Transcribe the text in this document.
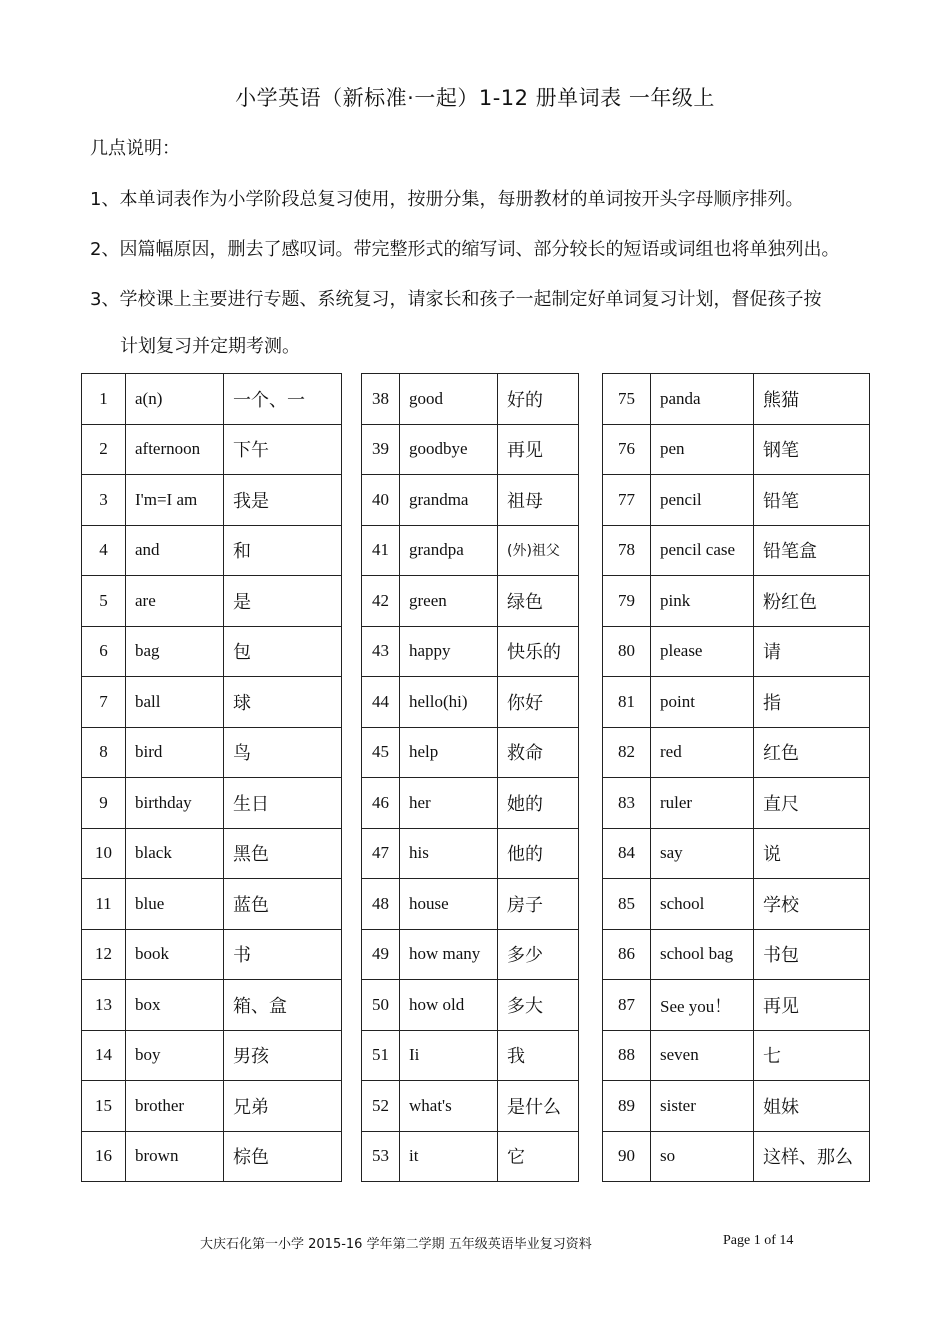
小学英语（新标准·一起）1-12 册单词表 一年级上
几点说明：
1、本单词表作为小学阶段总复习使用，按册分集，每册教材的单词按开头字母顺序排列。
2、因篇幅原因，删去了感叹词。带完整形式的缩写词、部分较长的短语或词组也将单独列出。
3、学校课上主要进行专题、系统复习，请家长和孩子一起制定好单词复习计划，督促孩子按
计划复习并定期考测。
1	a(n)	一个、一
2	afternoon	下午
3	I'm=I am	我是
4	and	和
5	are	是
6	bag	包
7	ball	球
8	bird	鸟
9	birthday	生日
10	black	黑色
11	blue	蓝色
12	book	书
13	box	箱、盒
14	boy	男孩
15	brother	兄弟
16	brown	棕色
38	good	好的
39	goodbye	再见
40	grandma	祖母
41	grandpa	(外)祖父
42	green	绿色
43	happy	快乐的
44	hello(hi)	你好
45	help	救命
46	her	她的
47	his	他的
48	house	房子
49	how many	多少
50	how old	多大
51	Ii	我
52	what's	是什么
53	it	它
75	panda	熊猫
76	pen	钢笔
77	pencil	铅笔
78	pencil case	铅笔盒
79	pink	粉红色
80	please	请
81	point	指
82	red	红色
83	ruler	直尺
84	say	说
85	school	学校
86	school bag	书包
87	See you！	再见
88	seven	七
89	sister	姐妹
90	so	这样、那么
大庆石化第一小学 2015-16 学年第二学期 五年级英语毕业复习资料	Page 1 of 14
